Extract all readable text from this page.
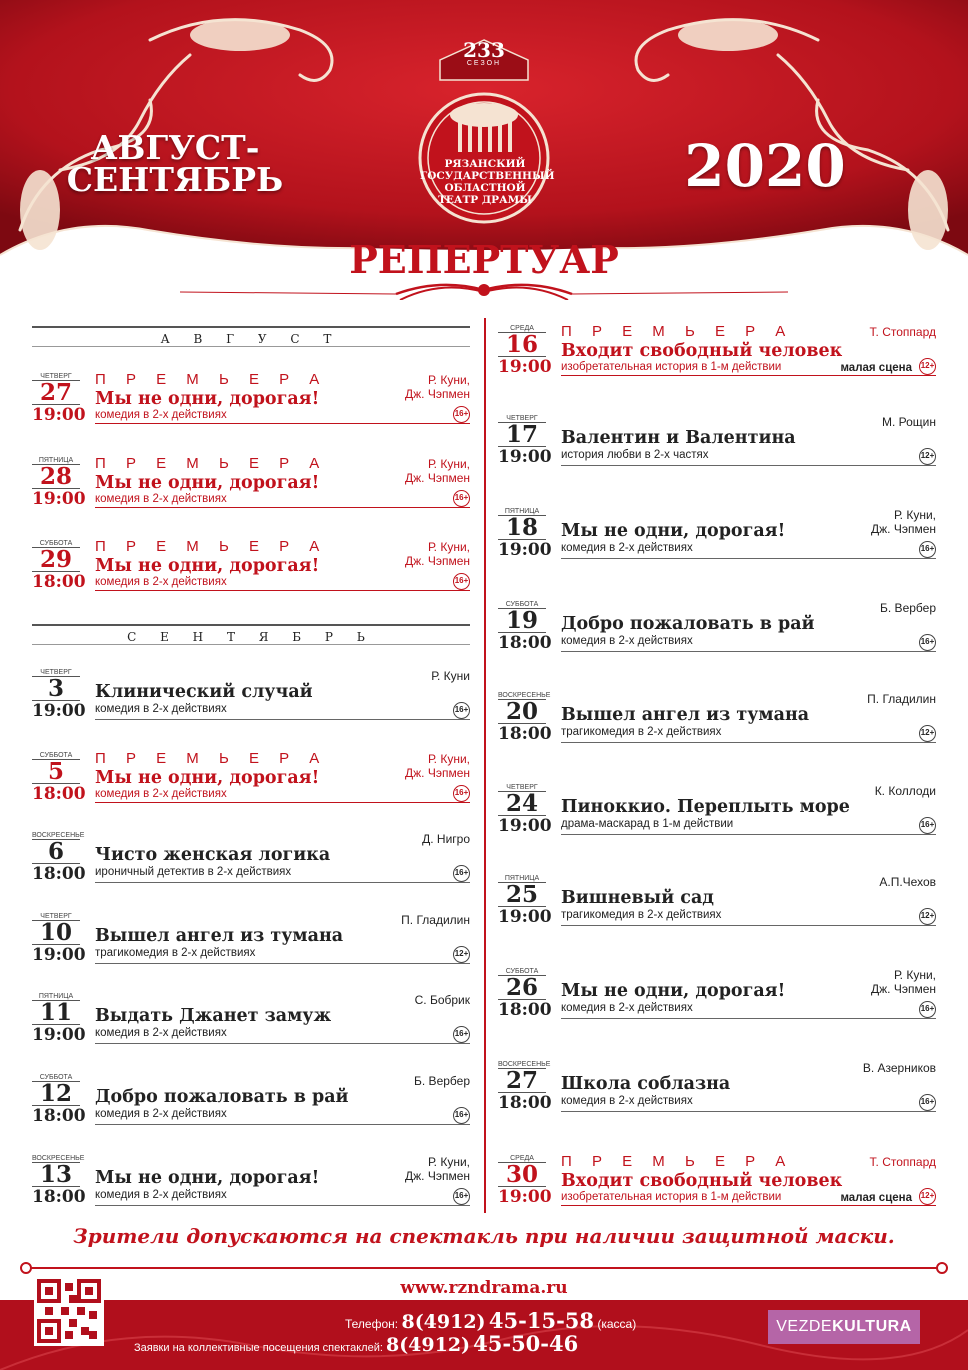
233
СЕЗОН
РЯЗАНСКИЙ
ГОСУДАРСТВЕННЫЙ
ОБЛАСТНОЙ
ТЕАТР ДРАМЫ
АВГУСТ-
СЕНТЯБРЬ	2020
РЕПЕРТУАР
А В Г У С Т
С Е Н Т Я Б Р Ь
ЧЕТВЕРГ
27
19:00
П Р Е М Ь Е Р А
Мы не одни, дорогая!
комедия в 2-х действиях
Р. Куни,
Дж. Чэпмен
16+
ПЯТНИЦА
28
19:00
П Р Е М Ь Е Р А
Мы не одни, дорогая!
комедия в 2-х действиях
Р. Куни,
Дж. Чэпмен
16+
СУББОТА
29
18:00
П Р Е М Ь Е Р А
Мы не одни, дорогая!
комедия в 2-х действиях
Р. Куни,
Дж. Чэпмен
16+
ЧЕТВЕРГ
3
19:00
Клинический случай
комедия в 2-х действиях
Р. Куни
16+
СУББОТА
5
18:00
П Р Е М Ь Е Р А
Мы не одни, дорогая!
комедия в 2-х действиях
Р. Куни,
Дж. Чэпмен
16+
ВОСКРЕСЕНЬЕ
6
18:00
Чисто женская логика
ироничный детектив в 2-х действиях
Д. Нигро
16+
ЧЕТВЕРГ
10
19:00
Вышел ангел из тумана
трагикомедия в 2-х действиях
П. Гладилин
12+
ПЯТНИЦА
11
19:00
Выдать Джанет замуж
комедия в 2-х действиях
С. Бобрик
16+
СУББОТА
12
18:00
Добро пожаловать в рай
комедия в 2-х действиях
Б. Вербер
16+
ВОСКРЕСЕНЬЕ
13
18:00
Мы не одни, дорогая!
комедия в 2-х действиях
Р. Куни,
Дж. Чэпмен
16+
СРЕДА
16
19:00
П Р Е М Ь Е Р А
Входит свободный человек
изобретательная история в 1-м действии
Т. Стоппард
малая сцена 12+
ЧЕТВЕРГ
17
19:00
Валентин и Валентина
история любви в 2-х частях
М. Рощин
12+
ПЯТНИЦА
18
19:00
Мы не одни, дорогая!
комедия в 2-х действиях
Р. Куни,
Дж. Чэпмен
16+
СУББОТА
19
18:00
Добро пожаловать в рай
комедия в 2-х действиях
Б. Вербер
16+
ВОСКРЕСЕНЬЕ
20
18:00
Вышел ангел из тумана
трагикомедия в 2-х действиях
П. Гладилин
12+
ЧЕТВЕРГ
24
19:00
Пиноккио. Переплыть море
драма-маскарад в 1-м действии
К. Коллоди
16+
ПЯТНИЦА
25
19:00
Вишневый сад
трагикомедия в 2-х действиях
А.П.Чехов
12+
СУББОТА
26
18:00
Мы не одни, дорогая!
комедия в 2-х действиях
Р. Куни,
Дж. Чэпмен
16+
ВОСКРЕСЕНЬЕ
27
18:00
Школа соблазна
комедия в 2-х действиях
В. Азерников
16+
СРЕДА
30
19:00
П Р Е М Ь Е Р А
Входит свободный человек
изобретательная история в 1-м действии
Т. Стоппард
малая сцена 12+
Зрители допускаются на спектакль при наличии защитной маски.
www.rzndrama.ru
Телефон: 8(4912) 45-15-58 (касса)
Заявки на коллективные посещения спектаклей: 8(4912) 45-50-46
VEZDEKULTURA
